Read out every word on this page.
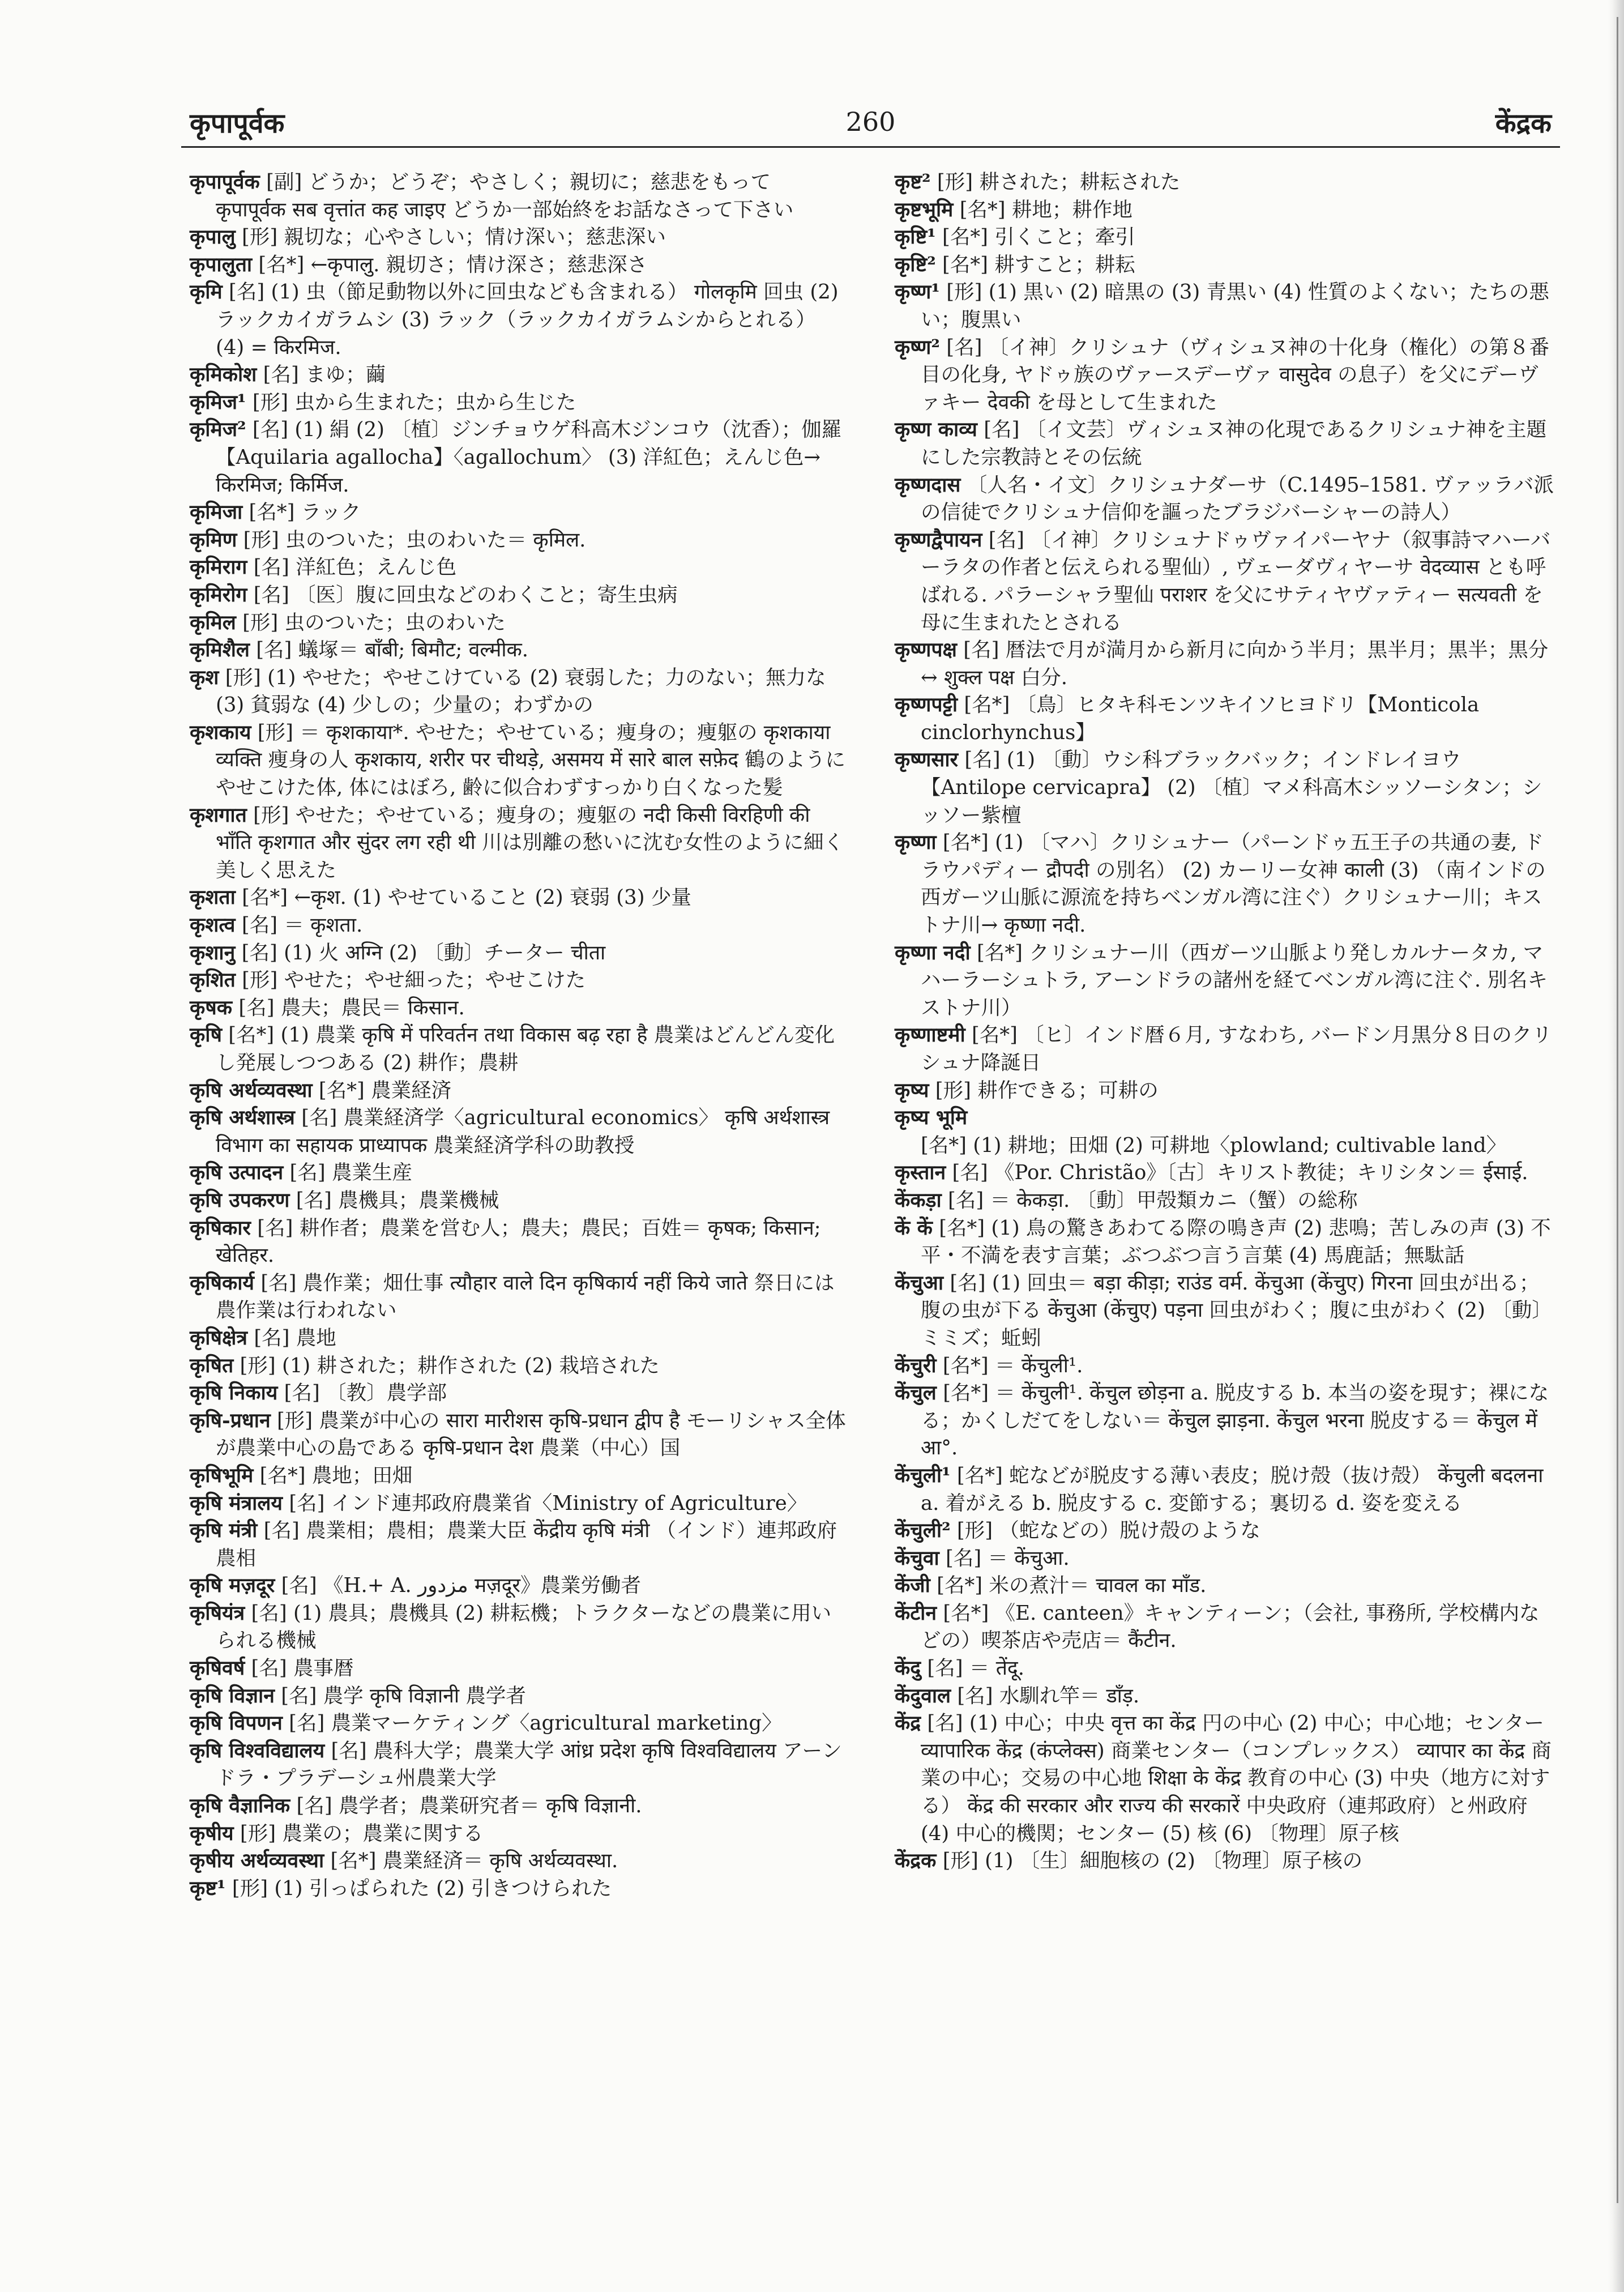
260
कृपापूर्वक	केंद्रक
कृपापूर्वक [副] どうか；どうぞ；やさしく；親切に；慈悲をもって कृपापूर्वक सब वृत्तांत कह जाइए どうか一部始終をお話なさって下さい
कृपालु [形] 親切な；心やさしい；情け深い；慈悲深い
कृपालुता [名*] ←कृपालु. 親切さ；情け深さ；慈悲深さ
कृमि [名] (1) 虫（節足動物以外に回虫なども含まれる） गोलकृमि 回虫 (2) ラックカイガラムシ (3) ラック（ラックカイガラムシからとれる） (4) = किरमिज.
कृमिकोश [名] まゆ；繭
कृमिज¹ [形] 虫から生まれた；虫から生じた
कृमिज² [名] (1) 絹 (2) 〔植〕ジンチョウゲ科高木ジンコウ（沈香）；伽羅【Aquilaria agallocha】〈agallochum〉 (3) 洋紅色；えんじ色→ किरमिज; किर्मिज.
कृमिजा [名*] ラック
कृमिण [形] 虫のついた；虫のわいた＝ कृमिल.
कृमिराग [名] 洋紅色；えんじ色
कृमिरोग [名] 〔医〕腹に回虫などのわくこと；寄生虫病
कृमिल [形] 虫のついた；虫のわいた
कृमिशैल [名] 蟻塚＝ बाँबी; बिमौट; वल्मीक.
कृश [形] (1) やせた；やせこけている (2) 衰弱した；力のない；無力な (3) 貧弱な (4) 少しの；少量の；わずかの
कृशकाय [形] ＝ कृशकाया*. やせた；やせている；痩身の；痩躯の कृशकाया व्यक्ति 痩身の人 कृशकाय, शरीर पर चीथड़े, असमय में सारे बाल सफ़ेद 鶴のようにやせこけた体, 体にはぼろ, 齢に似合わずすっかり白くなった髪
कृशगात [形] やせた；やせている；痩身の；痩躯の नदी किसी विरहिणी की भाँति कृशगात और सुंदर लग रही थी 川は別離の愁いに沈む女性のように細く美しく思えた
कृशता [名*] ←कृश. (1) やせていること (2) 衰弱 (3) 少量
कृशत्व [名] ＝ कृशता.
कृशानु [名] (1) 火 अग्नि (2) 〔動〕チーター चीता
कृशित [形] やせた；やせ細った；やせこけた
कृषक [名] 農夫；農民＝ किसान.
कृषि [名*] (1) 農業 कृषि में परिवर्तन तथा विकास बढ़ रहा है 農業はどんどん変化し発展しつつある (2) 耕作；農耕
कृषि अर्थव्यवस्था [名*] 農業経済
कृषि अर्थशास्त्र [名] 農業経済学〈agricultural economics〉 कृषि अर्थशास्त्र विभाग का सहायक प्राध्यापक 農業経済学科の助教授
कृषि उत्पादन [名] 農業生産
कृषि उपकरण [名] 農機具；農業機械
कृषिकार [名] 耕作者；農業を営む人；農夫；農民；百姓＝ कृषक; किसान; खेतिहर.
कृषिकार्य [名] 農作業；畑仕事 त्यौहार वाले दिन कृषिकार्य नहीं किये जाते 祭日には農作業は行われない
कृषिक्षेत्र [名] 農地
कृषित [形] (1) 耕された；耕作された (2) 栽培された
कृषि निकाय [名] 〔教〕農学部
कृषि-प्रधान [形] 農業が中心の सारा मारीशस कृषि-प्रधान द्वीप है モーリシャス全体が農業中心の島である कृषि-प्रधान देश 農業（中心）国
कृषिभूमि [名*] 農地；田畑
कृषि मंत्रालय [名] インド連邦政府農業省〈Ministry of Agriculture〉
कृषि मंत्री [名] 農業相；農相；農業大臣 केंद्रीय कृषि मंत्री （インド）連邦政府農相
कृषि मज़दूर [名] 《H.+ A. مزدور मज़दूर》農業労働者
कृषियंत्र [名] (1) 農具；農機具 (2) 耕耘機；トラクターなどの農業に用いられる機械
कृषिवर्ष [名] 農事暦
कृषि विज्ञान [名] 農学 कृषि विज्ञानी 農学者
कृषि विपणन [名] 農業マーケティング〈agricultural marketing〉
कृषि विश्वविद्यालय [名] 農科大学；農業大学 आंध्र प्रदेश कृषि विश्वविद्यालय アーンドラ・プラデーシュ州農業大学
कृषि वैज्ञानिक [名] 農学者；農業研究者＝ कृषि विज्ञानी.
कृषीय [形] 農業の；農業に関する
कृषीय अर्थव्यवस्था [名*] 農業経済＝ कृषि अर्थव्यवस्था.
कृष्ट¹ [形] (1) 引っぱられた (2) 引きつけられた
कृष्ट² [形] 耕された；耕耘された
कृष्टभूमि [名*] 耕地；耕作地
कृष्टि¹ [名*] 引くこと；牽引
कृष्टि² [名*] 耕すこと；耕耘
कृष्ण¹ [形] (1) 黒い (2) 暗黒の (3) 青黒い (4) 性質のよくない；たちの悪い；腹黒い
कृष्ण² [名] 〔イ神〕クリシュナ（ヴィシュヌ神の十化身（権化）の第８番目の化身, ヤドゥ族のヴァースデーヴァ वासुदेव の息子）を父にデーヴァキー देवकी を母として生まれた
कृष्ण काव्य [名] 〔イ文芸〕ヴィシュヌ神の化現であるクリシュナ神を主題にした宗教詩とその伝統
कृष्णदास 〔人名・イ文〕クリシュナダーサ（C.1495–1581. ヴァッラバ派の信徒でクリシュナ信仰を謳ったブラジバーシャーの詩人）
कृष्णद्वैपायन [名] 〔イ神〕クリシュナドゥヴァイパーヤナ（叙事詩マハーバーラタの作者と伝えられる聖仙）, ヴェーダヴィヤーサ वेदव्यास とも呼ばれる. パラーシャラ聖仙 पराशर を父にサティヤヴァティー सत्यवती を母に生まれたとされる
कृष्णपक्ष [名] 暦法で月が満月から新月に向かう半月；黒半月；黒半；黒分 ↔ शुक्ल पक्ष 白分.
कृष्णपट्टी [名*] 〔鳥〕ヒタキ科モンツキイソヒヨドリ【Monticola cinclorhynchus】
कृष्णसार [名] (1) 〔動〕ウシ科ブラックバック；インドレイヨウ【Antilope cervicapra】 (2) 〔植〕マメ科高木シッソーシタン；シッソー紫檀
कृष्णा [名*] (1) 〔マハ〕クリシュナー（パーンドゥ五王子の共通の妻, ドラウパディー द्रौपदी の別名） (2) カーリー女神 काली (3) （南インドの西ガーツ山脈に源流を持ちベンガル湾に注ぐ）クリシュナー川；キストナ川→ कृष्णा नदी.
कृष्णा नदी [名*] クリシュナー川（西ガーツ山脈より発しカルナータカ, マハーラーシュトラ, アーンドラの諸州を経てベンガル湾に注ぐ. 別名キストナ川）
कृष्णाष्टमी [名*] 〔ヒ〕インド暦６月, すなわち, バードン月黒分８日のクリシュナ降誕日
कृष्य [形] 耕作できる；可耕の
कृष्य भूमि [名*] (1) 耕地；田畑 (2) 可耕地〈plowland; cultivable land〉
कृस्तान [名] 《Por. Christão》〔古〕キリスト教徒；キリシタン＝ ईसाई.
केंकड़ा [名] ＝ केकड़ा. 〔動〕甲殻類カニ（蟹）の総称
कें कें [名*] (1) 鳥の驚きあわてる際の鳴き声 (2) 悲鳴；苦しみの声 (3) 不平・不満を表す言葉；ぶつぶつ言う言葉 (4) 馬鹿話；無駄話
केंचुआ [名] (1) 回虫＝ बड़ा कीड़ा; राउंड वर्म. केंचुआ (केंचुए) गिरना 回虫が出る；腹の虫が下る केंचुआ (केंचुए) पड़ना 回虫がわく；腹に虫がわく (2) 〔動〕ミミズ；蚯蚓
केंचुरी [名*] ＝ केंचुली¹.
केंचुल [名*] ＝ केंचुली¹. केंचुल छोड़ना a. 脱皮する b. 本当の姿を現す；裸になる；かくしだてをしない＝ केंचुल झाड़ना. केंचुल भरना 脱皮する＝ केंचुल में आ°.
केंचुली¹ [名*] 蛇などが脱皮する薄い表皮；脱け殻（抜け殻） केंचुली बदलना a. 着がえる b. 脱皮する c. 変節する；裏切る d. 姿を変える
केंचुली² [形] （蛇などの）脱け殻のような
केंचुवा [名] ＝ केंचुआ.
केंजी [名*] 米の煮汁＝ चावल का माँड.
केंटीन [名*] 《E. canteen》キャンティーン；（会社, 事務所, 学校構内などの）喫茶店や売店＝ कैंटीन.
केंदु [名] ＝ तेंदू.
केंदुवाल [名] 水馴れ竿＝ डाँड़.
केंद्र [名] (1) 中心；中央 वृत्त का केंद्र 円の中心 (2) 中心；中心地；センター व्यापारिक केंद्र (कंप्लेक्स) 商業センター（コンプレックス） व्यापार का केंद्र 商業の中心；交易の中心地 शिक्षा के केंद्र 教育の中心 (3) 中央（地方に対する） केंद्र की सरकार और राज्य की सरकारें 中央政府（連邦政府）と州政府 (4) 中心的機関；センター (5) 核 (6) 〔物理〕原子核
केंद्रक [形] (1) 〔生〕細胞核の (2) 〔物理〕原子核の
